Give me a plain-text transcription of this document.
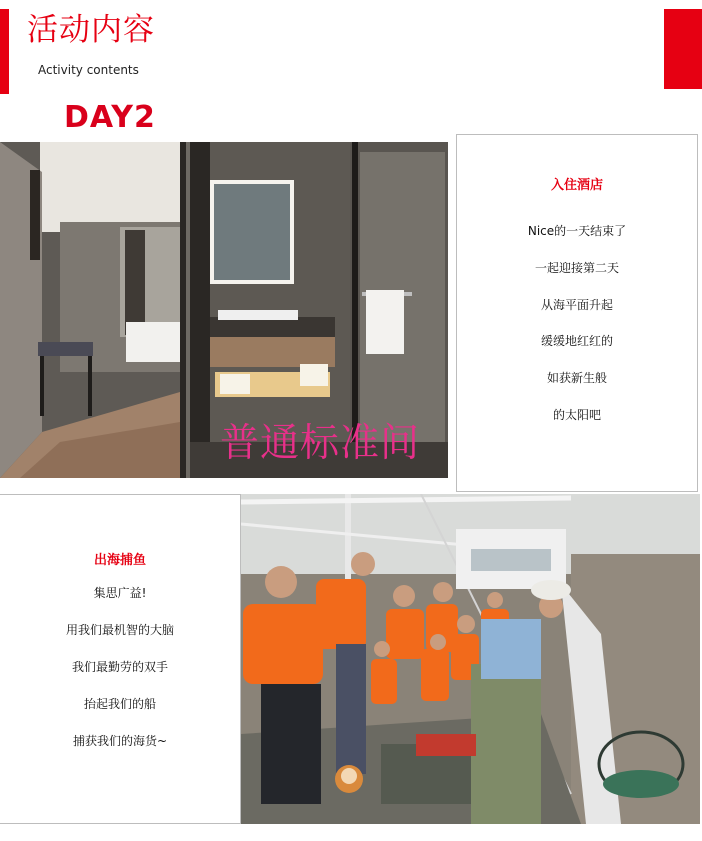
活动内容
Activity contents
DAY2
普通标准间
入住酒店
Nice的一天结束了
一起迎接第二天
从海平面升起
缓缓地红红的
如获新生般
的太阳吧
出海捕鱼
集思广益!
用我们最机智的大脑
我们最勤劳的双手
抬起我们的船
捕获我们的海货~
